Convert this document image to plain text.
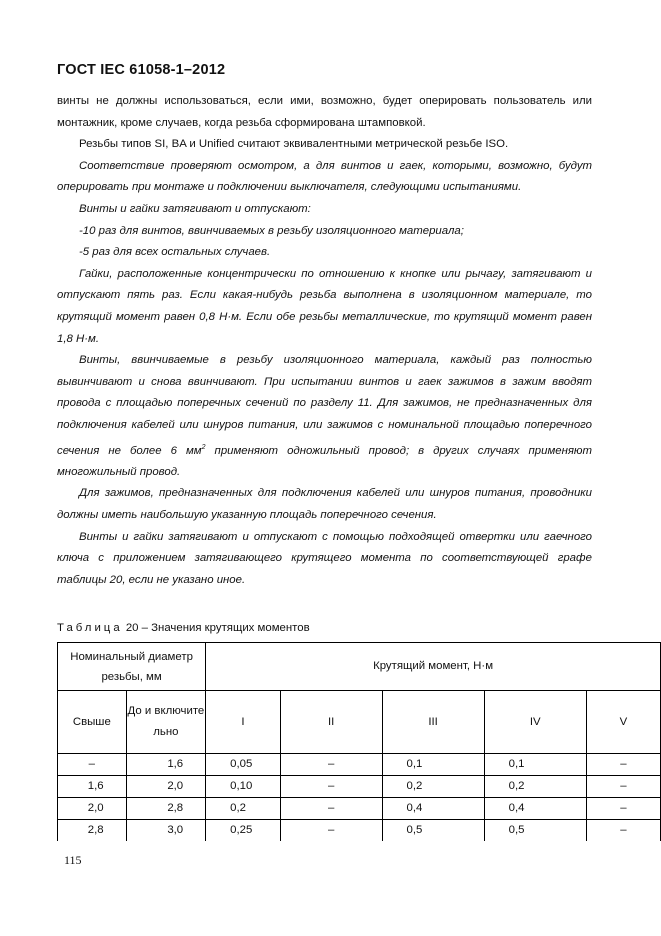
ГОСТ IEC 61058-1–2012

винты не должны использоваться, если ими, возможно, будет оперировать пользователь или монтажник, кроме случаев, когда резьба сформирована штамповкой.

Резьбы типов SI, BA и Unified считают эквивалентными метрической резьбе ISO.

Соответствие проверяют осмотром, а для винтов и гаек, которыми, возможно, будут оперировать при монтаже и подключении выключателя, следующими испытаниями.

Винты и гайки затягивают и отпускают:

-10 раз для винтов, ввинчиваемых в резьбу изоляционного материала;

-5 раз для всех остальных случаев.

Гайки, расположенные концентрически по отношению к кнопке или рычагу, затягивают и отпускают пять раз. Если какая-нибудь резьба выполнена в изоляционном материале, то крутящий момент равен 0,8 Н·м. Если обе резьбы металлические, то крутящий момент равен 1,8 Н·м.

Винты, ввинчиваемые в резьбу изоляционного материала, каждый раз полностью вывинчивают и снова ввинчивают. При испытании винтов и гаек зажимов в зажим вводят провода с площадью поперечных сечений по разделу 11. Для зажимов, не предназначенных для подключения кабелей или шнуров питания, или зажимов с номинальной площадью поперечного сечения не более 6 $мм^2$ применяют одножильный провод; в других случаях применяют многожильный провод.

Для зажимов, предназначенных для подключения кабелей или шнуров питания, проводники должны иметь наибольшую указанную площадь поперечного сечения.

Винты и гайки затягивают и отпускают с помощью подходящей отвертки или гаечного ключа с приложением затягивающего крутящего момента по соответствующей графе таблицы 20, если не указано иное.

Таблица 20 – Значения крутящих моментов
Номинальный диаметр резьбы, мм		Крутящий момент, Н·м				
Свыше	До и включительно	I	II	III	IV	V
–	1,6	0,05	–	0,1	0,1	–
1,6	2,0	0,10	–	0,2	0,2	–
2,0	2,8	0,2	–	0,4	0,4	–
2,8	3,0	0,25	–	0,5	0,5	–
115
